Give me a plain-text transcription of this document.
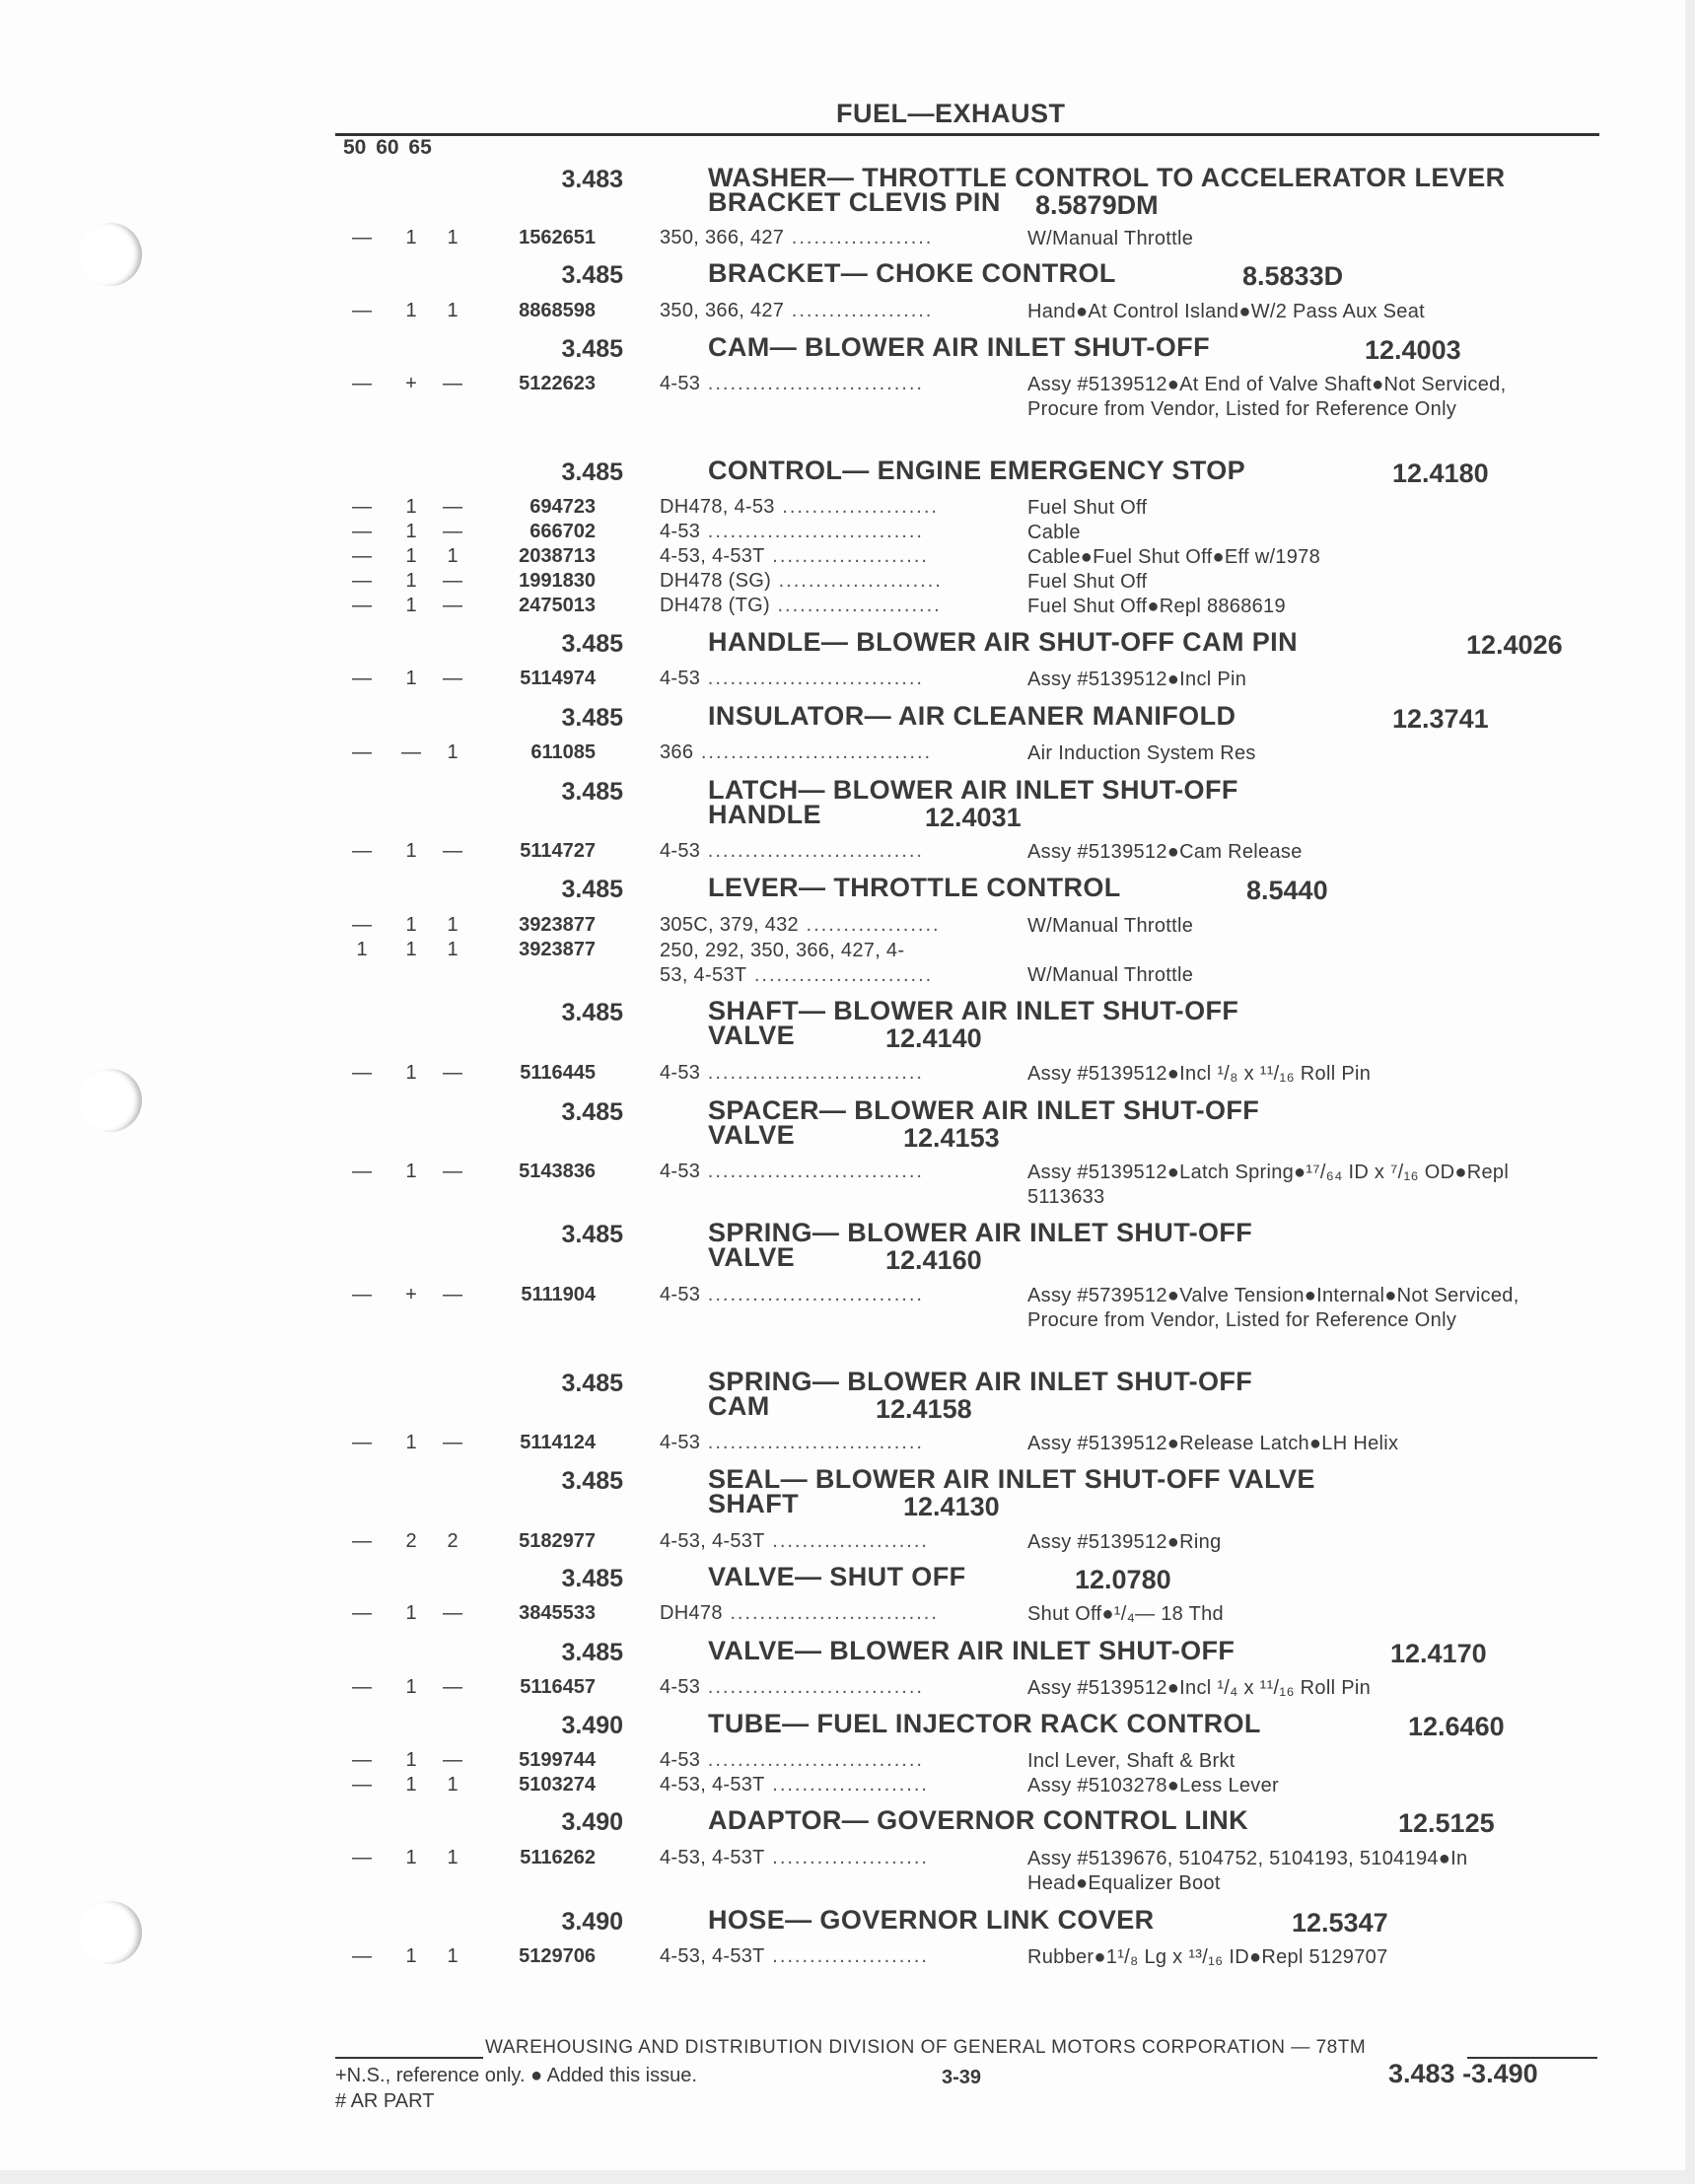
FUEL—EXHAUST
50 60 65
3.483	WASHER— THROTTLE CONTROL TO ACCELERATOR LEVER
BRACKET CLEVIS PIN	8.5879DM
—	1	1	1562651	350, 366, 427 ...................	W/Manual Throttle
3.485	BRACKET— CHOKE CONTROL	8.5833D
—	1	1	8868598	350, 366, 427 ...................	Hand●At Control Island●W/2 Pass Aux Seat
3.485	CAM— BLOWER AIR INLET SHUT-OFF	12.4003
—	+	—	5122623	4-53 .............................	Assy #5139512●At End of Valve Shaft●Not Serviced, Procure from Vendor, Listed for Reference Only
3.485	CONTROL— ENGINE EMERGENCY STOP	12.4180
—	1	—	694723	DH478, 4-53 .....................	Fuel Shut Off
—	1	—	666702	4-53 .............................	Cable
—	1	1	2038713	4-53, 4-53T .....................	Cable●Fuel Shut Off●Eff w/1978
—	1	—	1991830	DH478 (SG) ......................	Fuel Shut Off
—	1	—	2475013	DH478 (TG) ......................	Fuel Shut Off●Repl 8868619
3.485	HANDLE— BLOWER AIR SHUT-OFF CAM PIN	12.4026
—	1	—	5114974	4-53 .............................	Assy #5139512●Incl Pin
3.485	INSULATOR— AIR CLEANER MANIFOLD	12.3741
—	—	1	611085	366 ...............................	Air Induction System Res
3.485	LATCH— BLOWER AIR INLET SHUT-OFF
HANDLE	12.4031
—	1	—	5114727	4-53 .............................	Assy #5139512●Cam Release
3.485	LEVER— THROTTLE CONTROL	8.5440
—	1	1	3923877	305C, 379, 432 ..................	W/Manual Throttle
1	1	1	3923877	250, 292, 350, 366, 427, 4-
53, 4-53T ........................	W/Manual Throttle
3.485	SHAFT— BLOWER AIR INLET SHUT-OFF
VALVE	12.4140
—	1	—	5116445	4-53 .............................	Assy #5139512●Incl ¹/₈ x ¹¹/₁₆ Roll Pin
3.485	SPACER— BLOWER AIR INLET SHUT-OFF
VALVE	12.4153
—	1	—	5143836	4-53 .............................	Assy #5139512●Latch Spring●¹⁷/₆₄ ID x ⁷/₁₆ OD●Repl 5113633
3.485	SPRING— BLOWER AIR INLET SHUT-OFF
VALVE	12.4160
—	+	—	5111904	4-53 .............................	Assy #5739512●Valve Tension●Internal●Not Serviced, Procure from Vendor, Listed for Reference Only
3.485	SPRING— BLOWER AIR INLET SHUT-OFF
CAM	12.4158
—	1	—	5114124	4-53 .............................	Assy #5139512●Release Latch●LH Helix
3.485	SEAL— BLOWER AIR INLET SHUT-OFF VALVE
SHAFT	12.4130
—	2	2	5182977	4-53, 4-53T .....................	Assy #5139512●Ring
3.485	VALVE— SHUT OFF	12.0780
—	1	—	3845533	DH478 ............................	Shut Off●¹/₄— 18 Thd
3.485	VALVE— BLOWER AIR INLET SHUT-OFF	12.4170
—	1	—	5116457	4-53 .............................	Assy #5139512●Incl ¹/₄ x ¹¹/₁₆ Roll Pin
3.490	TUBE— FUEL INJECTOR RACK CONTROL	12.6460
—	1	—	5199744	4-53 .............................	Incl Lever, Shaft & Brkt
—	1	1	5103274	4-53, 4-53T .....................	Assy #5103278●Less Lever
3.490	ADAPTOR— GOVERNOR CONTROL LINK	12.5125
—	1	1	5116262	4-53, 4-53T .....................	Assy #5139676, 5104752, 5104193, 5104194●In Head●Equalizer Boot
3.490	HOSE— GOVERNOR LINK COVER	12.5347
—	1	1	5129706	4-53, 4-53T .....................	Rubber●1¹/₈ Lg x ¹³/₁₆ ID●Repl 5129707
WAREHOUSING AND DISTRIBUTION DIVISION OF GENERAL MOTORS CORPORATION — 78TM
+N.S., reference only. ● Added this issue.
# AR PART
3-39	3.483 -3.490
